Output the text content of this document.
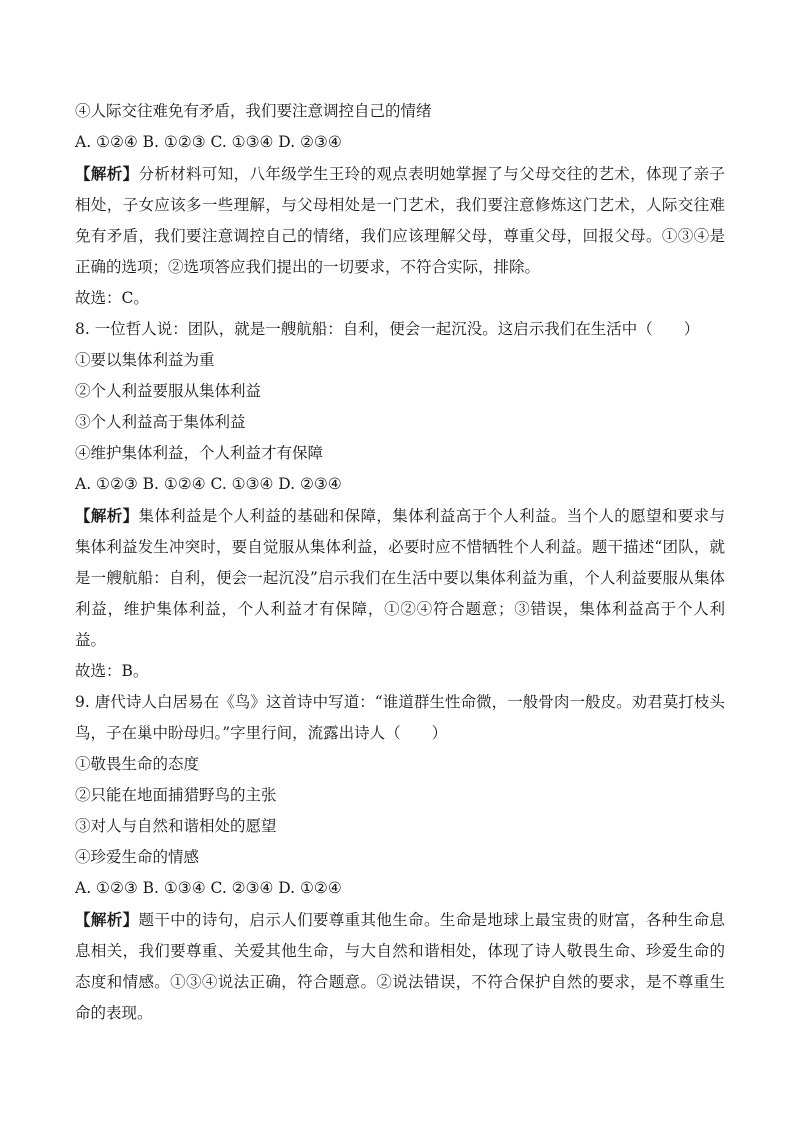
④人际交往难免有矛盾，我们要注意调控自己的情绪
A. ①②④ B. ①②③ C. ①③④ D. ②③④
【解析】分析材料可知，八年级学生王玲的观点表明她掌握了与父母交往的艺术，体现了亲子相处，子女应该多一些理解，与父母相处是一门艺术，我们要注意修炼这门艺术，人际交往难免有矛盾，我们要注意调控自己的情绪，我们应该理解父母，尊重父母，回报父母。①③④是正确的选项；②选项答应我们提出的一切要求，不符合实际，排除。
故选：C。
8. 一位哲人说：团队，就是一艘航船：自利，便会一起沉没。这启示我们在生活中（　　）
①要以集体利益为重
②个人利益要服从集体利益
③个人利益高于集体利益
④维护集体利益，个人利益才有保障
A. ①②③ B. ①②④ C. ①③④ D. ②③④
【解析】集体利益是个人利益的基础和保障，集体利益高于个人利益。当个人的愿望和要求与集体利益发生冲突时，要自觉服从集体利益，必要时应不惜牺牲个人利益。题干描述“团队，就是一艘航船：自利，便会一起沉没”启示我们在生活中要以集体利益为重，个人利益要服从集体利益，维护集体利益，个人利益才有保障，①②④符合题意；③错误，集体利益高于个人利益。
故选：B。
9. 唐代诗人白居易在《鸟》这首诗中写道：“谁道群生性命微，一般骨肉一般皮。劝君莫打枝头鸟，子在巢中盼母归。”字里行间，流露出诗人（　　）
①敬畏生命的态度
②只能在地面捕猎野鸟的主张
③对人与自然和谐相处的愿望
④珍爱生命的情感
A. ①②③ B. ①③④ C. ②③④ D. ①②④
【解析】题干中的诗句，启示人们要尊重其他生命。生命是地球上最宝贵的财富，各种生命息息相关，我们要尊重、关爱其他生命，与大自然和谐相处，体现了诗人敬畏生命、珍爱生命的态度和情感。①③④说法正确，符合题意。②说法错误，不符合保护自然的要求，是不尊重生命的表现。
